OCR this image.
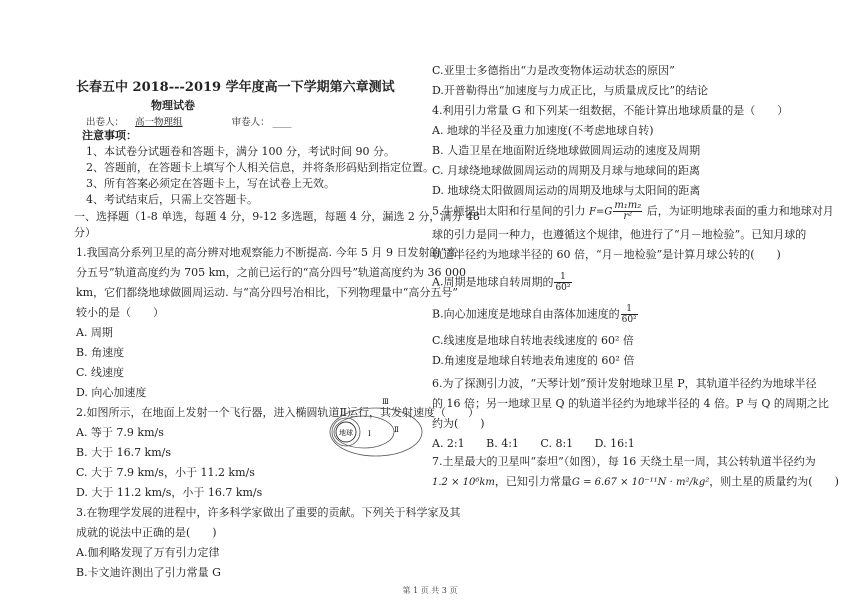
长春五中 2018---2019 学年度高一下学期第六章测试
物理试卷
出卷人： 高一物理组	审卷人： ____
注意事项：
1、本试卷分试题卷和答题卡，满分 100 分，考试时间 90 分。
2、答题前，在答题卡上填写个人相关信息，并将条形码贴到指定位置。
3、所有答案必须定在答题卡上，写在试卷上无效。
4、考试结束后，只需上交答题卡。
一、选择题（1-8 单选，每题 4 分，9-12 多选题，每题 4 分，漏选 2 分，满分 48
分）
1.我国高分系列卫星的高分辨对地观察能力不断提高. 今年 5 月 9 日发射的“高
分五号”轨道高度约为 705 km，之前已运行的“高分四号”轨道高度约为 36 000
km，它们都绕地球做圆周运动. 与“高分四号冶相比，下列物理量中“高分五号”
较小的是（　　）
A. 周期
B. 角速度
C. 线速度
D. 向心加速度
2.如图所示，在地面上发射一个飞行器，进入椭圆轨道Ⅱ运行，其发射速度（　　）
A. 等于 7.9 km/s
B. 大于 16.7 km/s
C. 大于 7.9 km/s，小于 11.2 km/s
D. 大于 11.2 km/s，小于 16.7 km/s
3.在物理学发展的进程中，许多科学家做出了重要的贡献。下列关于科学家及其
成就的说法中正确的是(　　)
A.伽利略发现了万有引力定律
B.卡文迪许测出了引力常量 G
地球 Ⅰ	Ⅱ
Ⅲ
C.亚里士多德指出“力是改变物体运动状态的原因”
D.开普勒得出“加速度与力成正比，与质量成反比”的结论
4.利用引力常量 G 和下列某一组数据，不能计算出地球质量的是（　　）
A. 地球的半径及重力加速度(不考虑地球自转)
B. 人造卫星在地面附近绕地球做圆周运动的速度及周期
C. 月球绕地球做圆周运动的周期及月球与地球间的距离
D. 地球绕太阳做圆周运动的周期及地球与太阳间的距离
5.牛顿提出太阳和行星间的引力 $F=G \frac{\text{m₁m₂}}{\text{r²}}$ 后，为证明地球表面的重力和地球对月
球的引力是同一种力，也遵循这个规律，他进行了“月－地检验”。已知月球的
轨道半径约为地球半径的 60 倍，“月－地检验”是计算月球公转的(　　)
A.周期是地球自转周期的 $\frac{1}{\text{60²}}$
B.向心加速度是地球自由落体加速度的 $\frac{1}{\text{60²}}$
C.线速度是地球自转地表线速度的 60² 倍
D.角速度是地球自转地表角速度的 60² 倍
6.为了探测引力波，“天琴计划”预计发射地球卫星 P，其轨道半径约为地球半径
的 16 倍；另一地球卫星 Q 的轨道半径约为地球半径的 4 倍。P 与 Q 的周期之比
约为(　　)
A. 2:1 B. 4:1 C. 8:1 D. 16:1
7.土星最大的卫星叫“泰坦”（如图），每 16 天绕土星一周，其公转轨道半径约为
1.2 × 10⁶km，已知引力常量G = 6.67 × 10⁻¹¹N · m²/kg²，则土星的质量约为(　　)
第 1 页 共 3 页
